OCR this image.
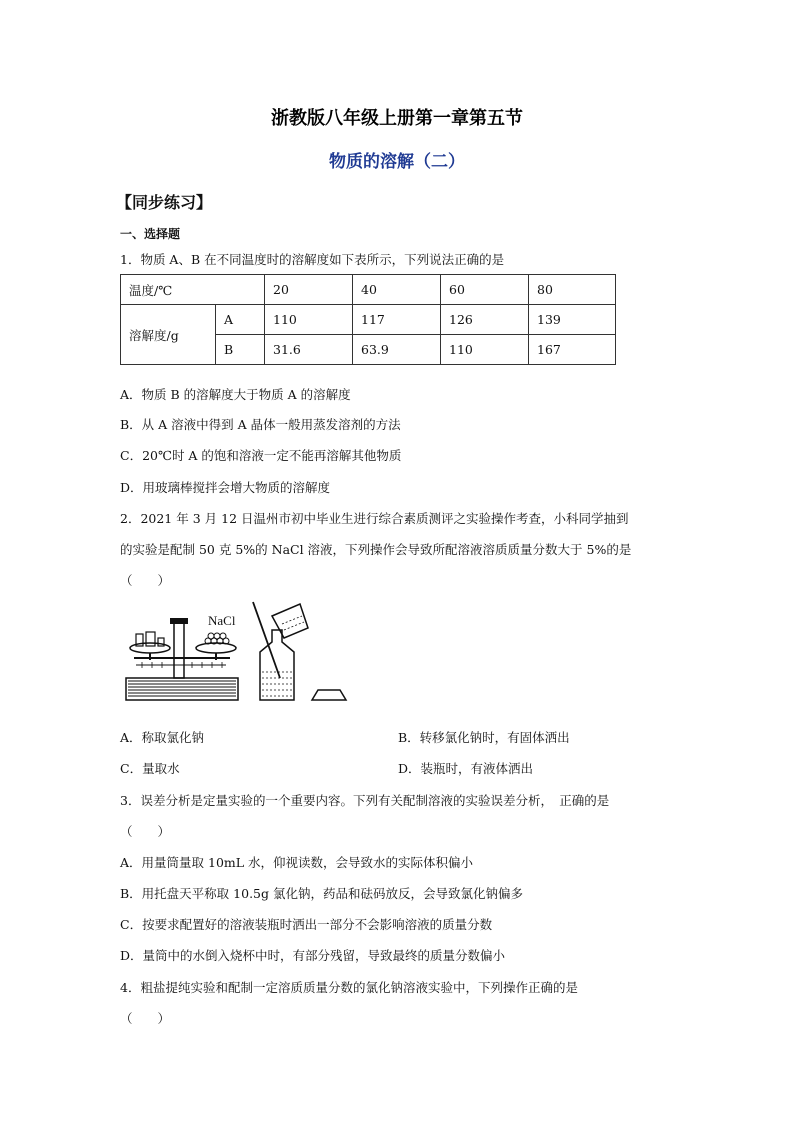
浙教版八年级上册第一章第五节
物质的溶解（二）
【同步练习】
一、选择题
1．物质 A、B 在不同温度时的溶解度如下表所示，下列说法正确的是
温度/℃		20	40	60	80
溶解度/g	A	110	117	126	139
	B	31.6	63.9	110	167
A．物质 B 的溶解度大于物质 A 的溶解度
B．从 A 溶液中得到 A 晶体一般用蒸发溶剂的方法
C．20℃时 A 的饱和溶液一定不能再溶解其他物质
D．用玻璃棒搅拌会增大物质的溶解度
2．2021 年 3 月 12 日温州市初中毕业生进行综合素质测评之实验操作考查，小科同学抽到
的实验是配制 50 克 5%的 NaCl 溶液，下列操作会导致所配溶液溶质质量分数大于 5%的是
（　　）
NaCl
A．称取氯化钠	B．转移氯化钠时，有固体洒出
C．量取水	D．装瓶时，有液体洒出
3．误差分析是定量实验的一个重要内容。下列有关配制溶液的实验误差分析，　正确的是
（　　）
A．用量筒量取 10mL 水，仰视读数，会导致水的实际体积偏小
B．用托盘天平称取 10.5g 氯化钠，药品和砝码放反，会导致氯化钠偏多
C．按要求配置好的溶液装瓶时洒出一部分不会影响溶液的质量分数
D．量筒中的水倒入烧杯中时，有部分残留，导致最终的质量分数偏小
4．粗盐提纯实验和配制一定溶质质量分数的氯化钠溶液实验中，下列操作正确的是
（　　）
